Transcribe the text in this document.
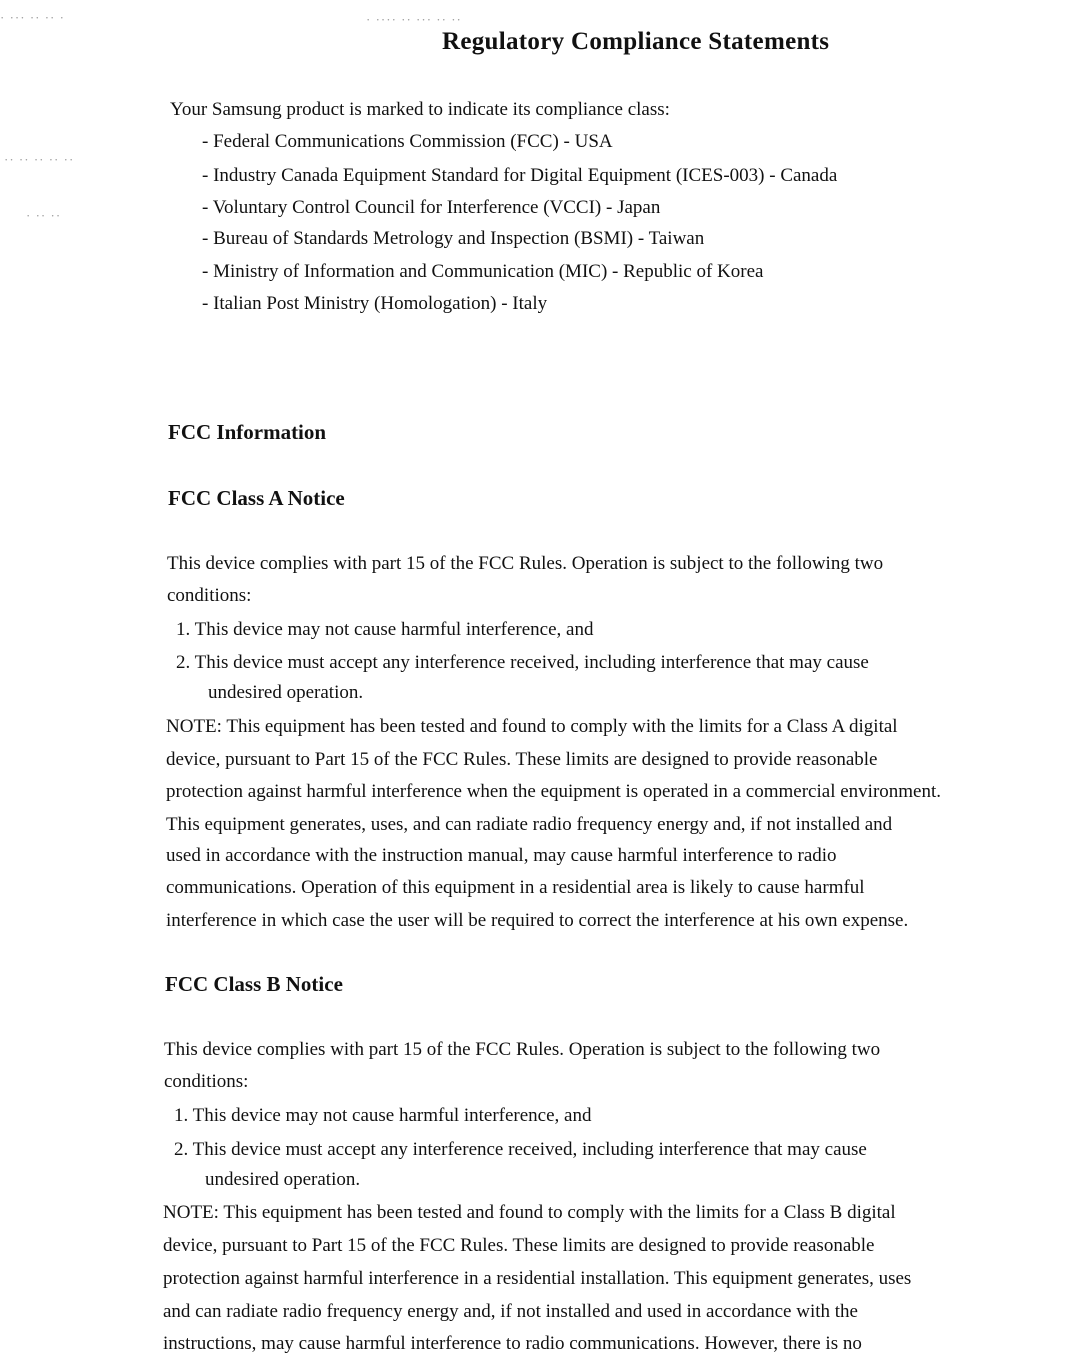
· ··· ·· ·· ·	· ···· ·· ··· ·· ··
·· ·· ·· ·· ··
· ·· ··
Regulatory Compliance Statements
Your Samsung product is marked to indicate its compliance class:
- Federal Communications Commission (FCC) - USA
- Industry Canada Equipment Standard for Digital Equipment (ICES-003) - Canada
- Voluntary Control Council for Interference (VCCI) - Japan
- Bureau of Standards Metrology and Inspection (BSMI) - Taiwan
- Ministry of Information and Communication (MIC) - Republic of Korea
- Italian Post Ministry (Homologation) - Italy
FCC Information
FCC Class A Notice
This device complies with part 15 of the FCC Rules. Operation is subject to the following two
conditions:
1. This device may not cause harmful interference, and
2. This device must accept any interference received, including interference that may cause
undesired operation.
NOTE: This equipment has been tested and found to comply with the limits for a Class A digital
device, pursuant to Part 15 of the FCC Rules. These limits are designed to provide reasonable
protection against harmful interference when the equipment is operated in a commercial environment.
This equipment generates, uses, and can radiate radio frequency energy and, if not installed and
used in accordance with the instruction manual, may cause harmful interference to radio
communications. Operation of this equipment in a residential area is likely to cause harmful
interference in which case the user will be required to correct the interference at his own expense.
FCC Class B Notice
This device complies with part 15 of the FCC Rules. Operation is subject to the following two
conditions:
1. This device may not cause harmful interference, and
2. This device must accept any interference received, including interference that may cause
undesired operation.
NOTE: This equipment has been tested and found to comply with the limits for a Class B digital
device, pursuant to Part 15 of the FCC Rules. These limits are designed to provide reasonable
protection against harmful interference in a residential installation. This equipment generates, uses
and can radiate radio frequency energy and, if not installed and used in accordance with the
instructions, may cause harmful interference to radio communications. However, there is no
